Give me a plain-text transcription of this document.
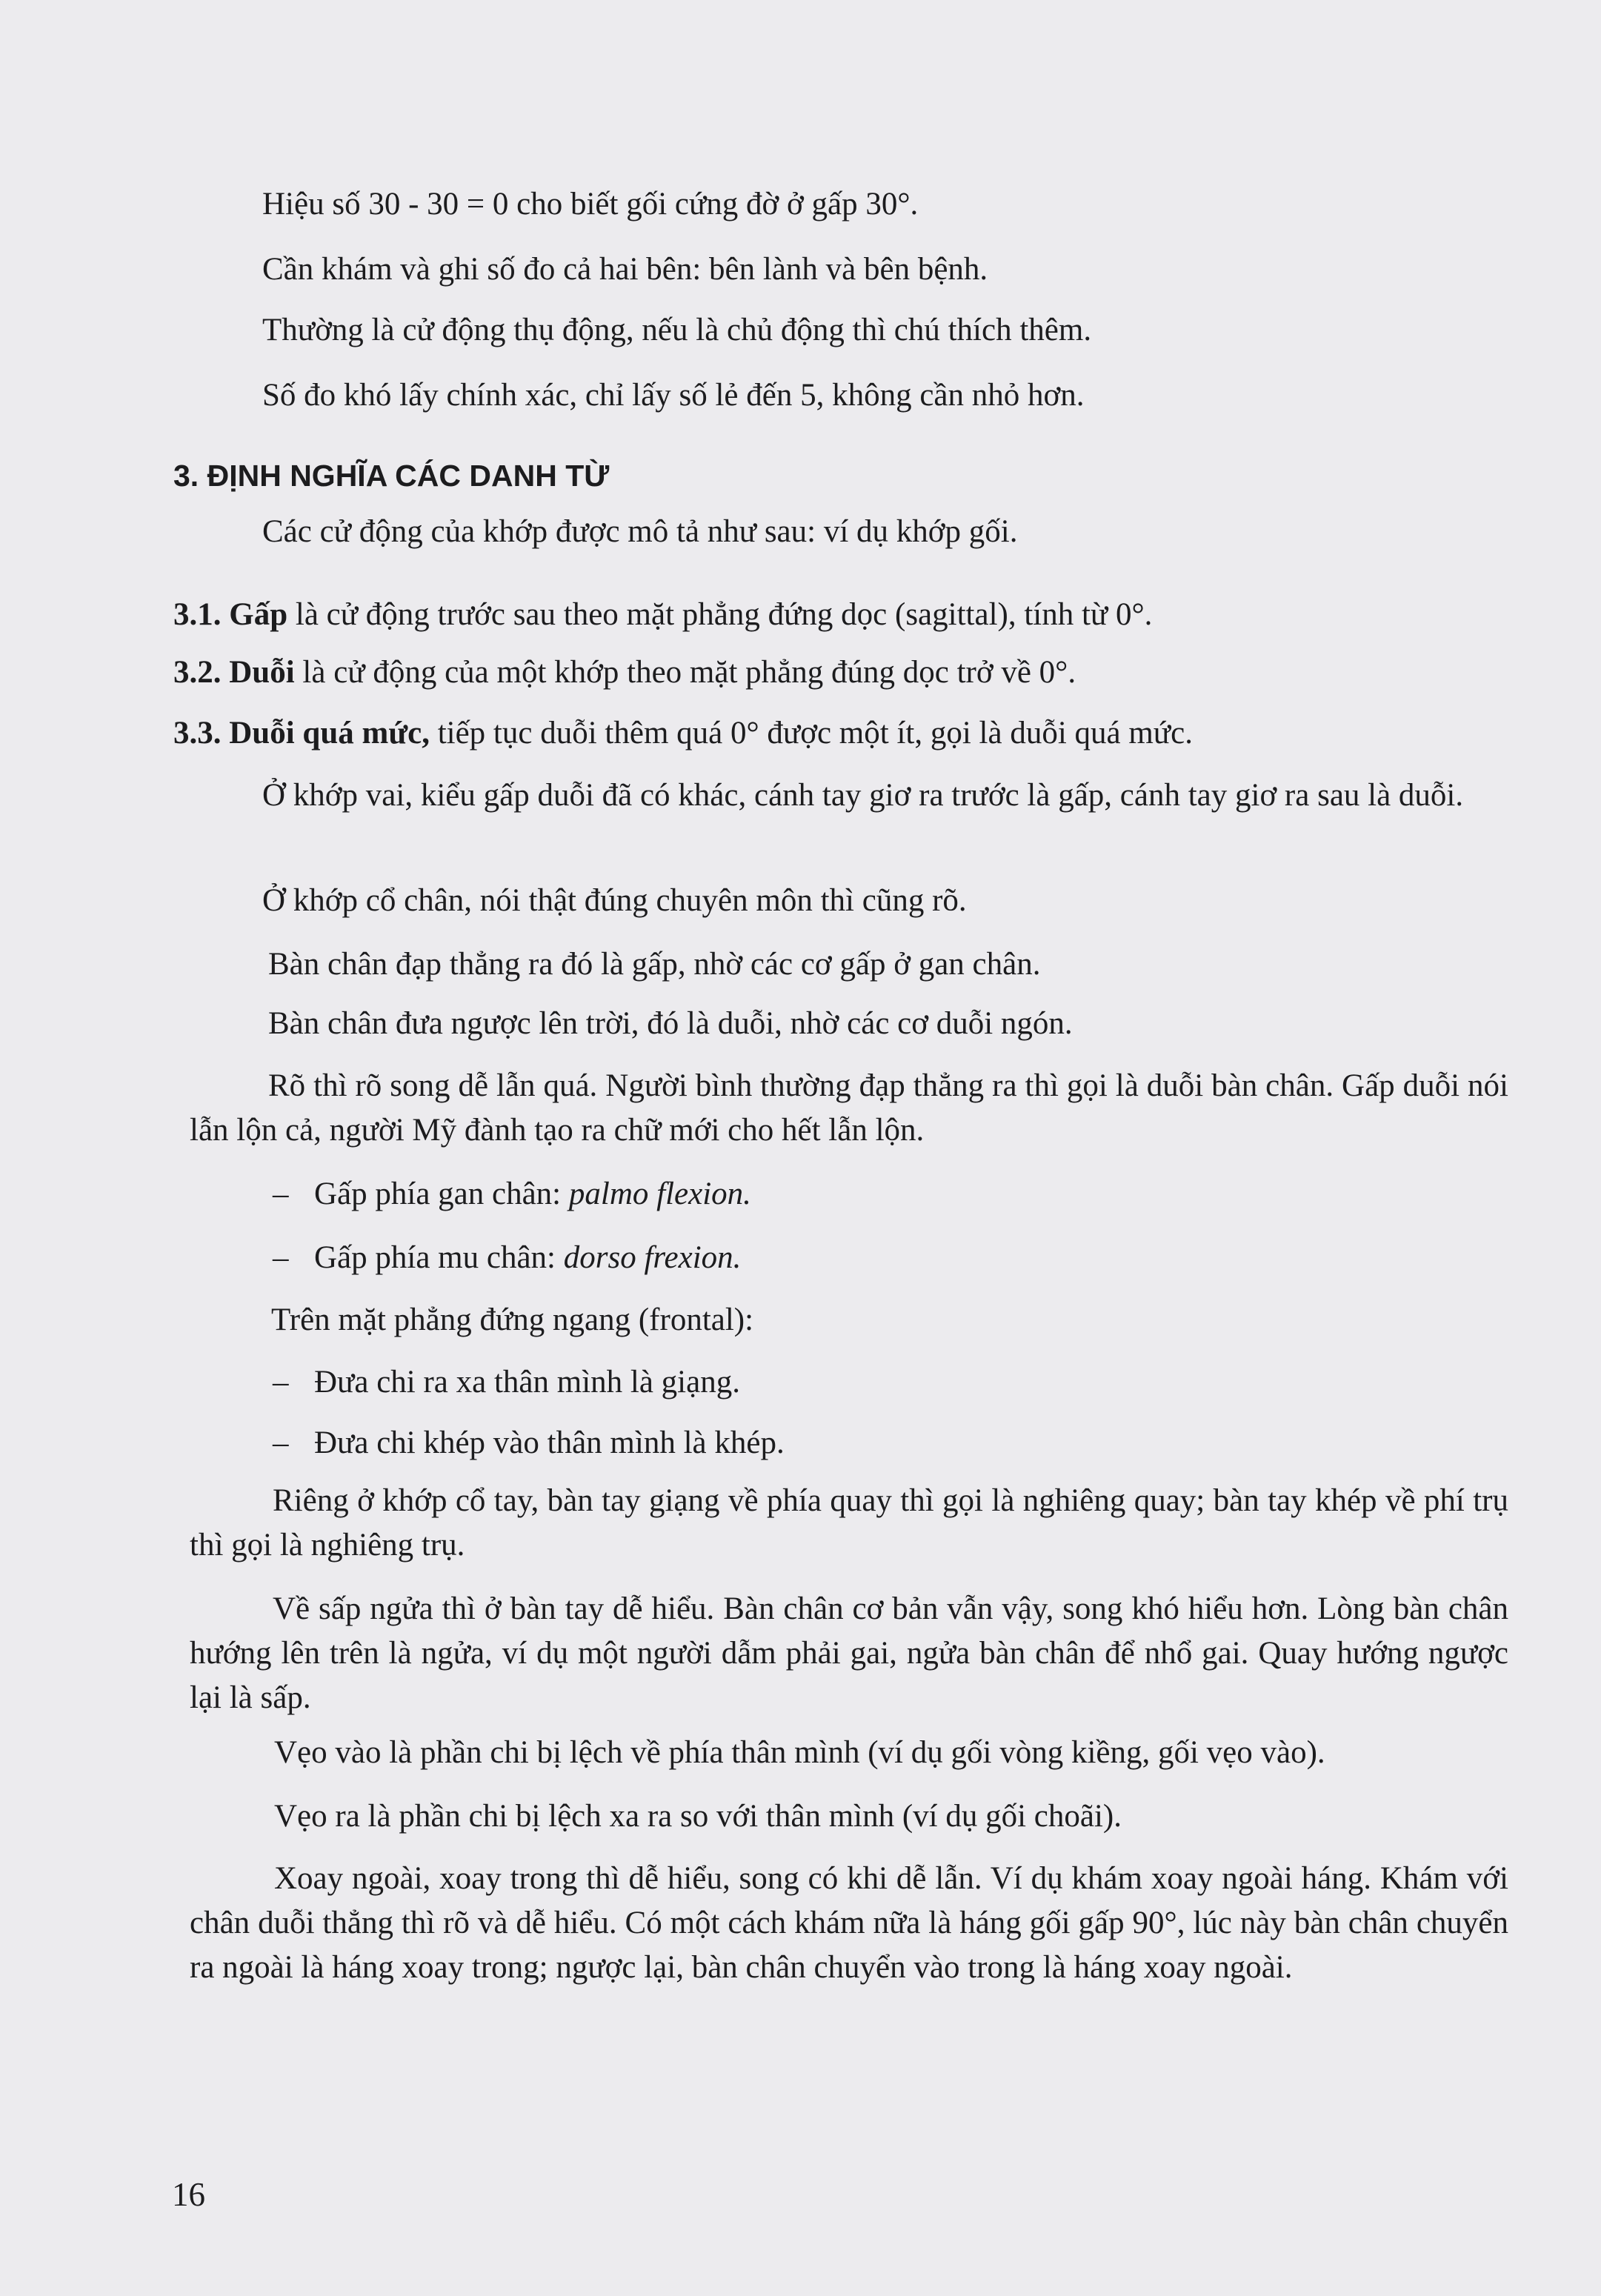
Hiệu số 30 - 30 = 0 cho biết gối cứng đờ ở gấp 30°.
Cần khám và ghi số đo cả hai bên: bên lành và bên bệnh.
Thường là cử động thụ động, nếu là chủ động thì chú thích thêm.
Số đo khó lấy chính xác, chỉ lấy số lẻ đến 5, không cần nhỏ hơn.
3. ĐỊNH NGHĨA CÁC DANH TỪ
Các cử động của khớp được mô tả như sau: ví dụ khớp gối.
3.1. Gấp là cử động trước sau theo mặt phẳng đứng dọc (sagittal), tính từ 0°.
3.2. Duỗi là cử động của một khớp theo mặt phẳng đúng dọc trở về 0°.
3.3. Duỗi quá mức, tiếp tục duỗi thêm quá 0° được một ít, gọi là duỗi quá mức.
Ở khớp vai, kiểu gấp duỗi đã có khác, cánh tay giơ ra trước là gấp, cánh tay giơ ra sau là duỗi.
Ở khớp cổ chân, nói thật đúng chuyên môn thì cũng rõ.
Bàn chân đạp thẳng ra đó là gấp, nhờ các cơ gấp ở gan chân.
Bàn chân đưa ngược lên trời, đó là duỗi, nhờ các cơ duỗi ngón.
Rõ thì rõ song dễ lẫn quá. Người bình thường đạp thẳng ra thì gọi là duỗi bàn chân. Gấp duỗi nói lẫn lộn cả, người Mỹ đành tạo ra chữ mới cho hết lẫn lộn.
– Gấp phía gan chân: palmo flexion.
– Gấp phía mu chân: dorso frexion.
Trên mặt phẳng đứng ngang (frontal):
– Đưa chi ra xa thân mình là giạng.
– Đưa chi khép vào thân mình là khép.
Riêng ở khớp cổ tay, bàn tay giạng về phía quay thì gọi là nghiêng quay; bàn tay khép về phí trụ thì gọi là nghiêng trụ.
Về sấp ngửa thì ở bàn tay dễ hiểu. Bàn chân cơ bản vẫn vậy, song khó hiểu hơn. Lòng bàn chân hướng lên trên là ngửa, ví dụ một người dẫm phải gai, ngửa bàn chân để nhổ gai. Quay hướng ngược lại là sấp.
Vẹo vào là phần chi bị lệch về phía thân mình (ví dụ gối vòng kiềng, gối vẹo vào).
Vẹo ra là phần chi bị lệch xa ra so với thân mình (ví dụ gối choãi).
Xoay ngoài, xoay trong thì dễ hiểu, song có khi dễ lẫn. Ví dụ khám xoay ngoài háng. Khám với chân duỗi thẳng thì rõ và dễ hiểu. Có một cách khám nữa là háng gối gấp 90°, lúc này bàn chân chuyển ra ngoài là háng xoay trong; ngược lại, bàn chân chuyển vào trong là háng xoay ngoài.
16
